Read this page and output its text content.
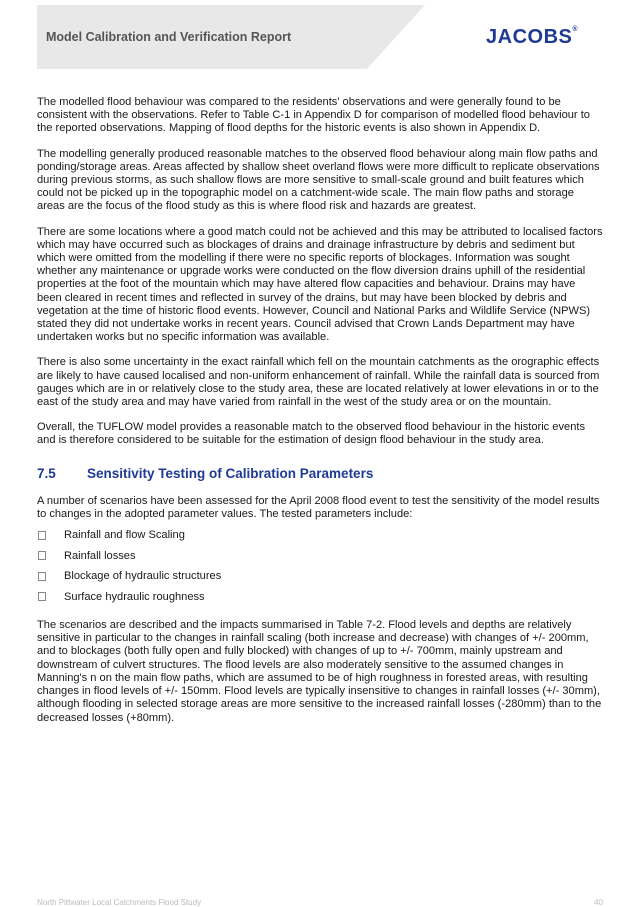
Model Calibration and Verification Report	JACOBS®

The modelled flood behaviour was compared to the residents' observations and were generally found to be consistent with the observations. Refer to Table C-1 in Appendix D for comparison of modelled flood behaviour to the reported observations. Mapping of flood depths for the historic events is also shown in Appendix D.

The modelling generally produced reasonable matches to the observed flood behaviour along main flow paths and ponding/storage areas. Areas affected by shallow sheet overland flows were more difficult to replicate observations during previous storms, as such shallow flows are more sensitive to small-scale ground and built features which could not be picked up in the topographic model on a catchment-wide scale. The main flow paths and storage areas are the focus of the flood study as this is where flood risk and hazards are greatest.

There are some locations where a good match could not be achieved and this may be attributed to localised factors which may have occurred such as blockages of drains and drainage infrastructure by debris and sediment but which were omitted from the modelling if there were no specific reports of blockages. Information was sought whether any maintenance or upgrade works were conducted on the flow diversion drains uphill of the residential properties at the foot of the mountain which may have altered flow capacities and behaviour. Drains may have been cleared in recent times and reflected in survey of the drains, but may have been blocked by debris and vegetation at the time of historic flood events. However, Council and National Parks and Wildlife Service (NPWS) stated they did not undertake works in recent years. Council advised that Crown Lands Department may have undertaken works but no specific information was available.

There is also some uncertainty in the exact rainfall which fell on the mountain catchments as the orographic effects are likely to have caused localised and non-uniform enhancement of rainfall. While the rainfall data is sourced from gauges which are in or relatively close to the study area, these are located relatively at lower elevations in or to the east of the study area and may have varied from rainfall in the west of the study area or on the mountain.

Overall, the TUFLOW model provides a reasonable match to the observed flood behaviour in the historic events and is therefore considered to be suitable for the estimation of design flood behaviour in the study area.

7.5	Sensitivity Testing of Calibration Parameters

A number of scenarios have been assessed for the April 2008 flood event to test the sensitivity of the model results to changes in the adopted parameter values. The tested parameters include:

Rainfall and flow Scaling
Rainfall losses
Blockage of hydraulic structures
Surface hydraulic roughness

The scenarios are described and the impacts summarised in Table 7-2. Flood levels and depths are relatively sensitive in particular to the changes in rainfall scaling (both increase and decrease) with changes of +/- 200mm, and to blockages (both fully open and fully blocked) with changes of up to +/- 700mm, mainly upstream and downstream of culvert structures. The flood levels are also moderately sensitive to the assumed changes in Manning's n on the main flow paths, which are assumed to be of high roughness in forested areas, with resulting changes in flood levels of +/- 150mm. Flood levels are typically insensitive to changes in rainfall losses (+/- 30mm), although flooding in selected storage areas are more sensitive to the increased rainfall losses (-280mm) than to the decreased losses (+80mm).

North Pittwater Local Catchments Flood Study	40
